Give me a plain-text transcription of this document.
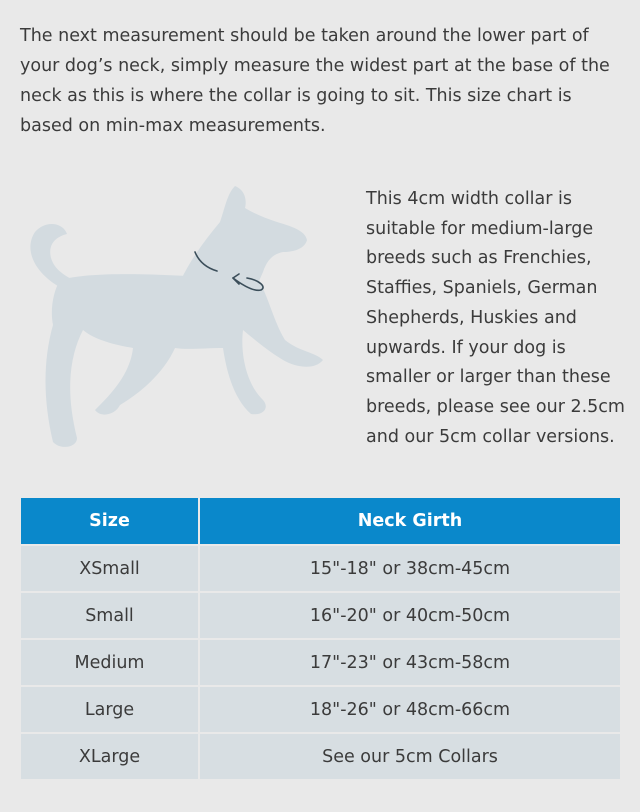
The next measurement should be taken around the lower part of your dog’s neck, simply measure the widest part at the base of the neck as this is where the collar is going to sit. This size chart is based on min-max measurements.

This 4cm width collar is suitable for medium-large breeds such as Frenchies, Staffies, Spaniels, German Shepherds, Huskies and upwards. If your dog is smaller or larger than these breeds, please see our 2.5cm and our 5cm collar versions.

Size	Neck Girth
XSmall	15"-18" or 38cm-45cm
Small	16"-20" or 40cm-50cm
Medium	17"-23" or 43cm-58cm
Large	18"-26" or 48cm-66cm
XLarge	See our 5cm Collars
